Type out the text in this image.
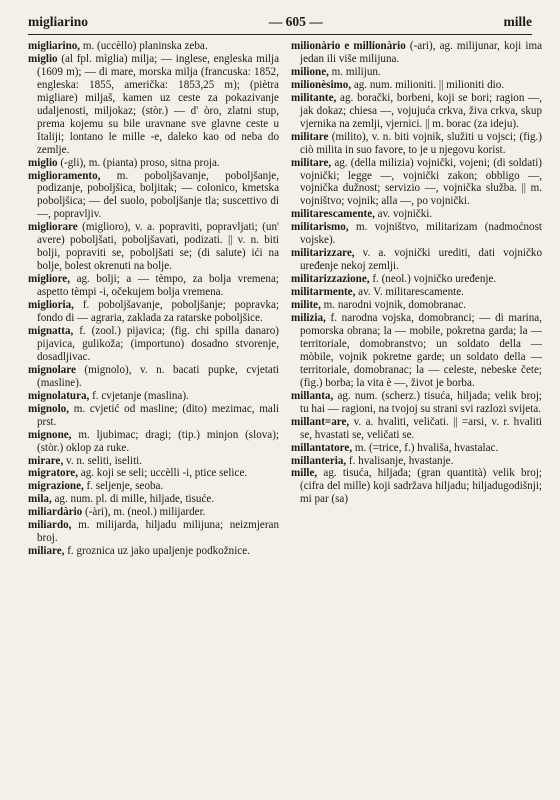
migliarino	— 605 —	mille

migliarino, m. (uccèllo) planinska zeba.

miglio (al fpl. mìglia) milja; — inglese, engleska milja (1609 m); — di mare, morska milja (francuska: 1852, engleska: 1855, američka: 1853,25 m); (piètra migliare) milјaš, kamen uz ceste za pokazivanje udaljenosti, miljokaz; (stòr.) — d' òro, zlatni stup, prema kojemu su bile uravnane sve glavne ceste u Italiji; lontano le mille -e, daleko kao od neba do zemlje.

miglio (-gli), m. (pianta) proso, sitna proja.

miglioramento, m. poboljšavanje, poboljšanje, podizanje, poboljšica, boljitak; — colonico, kmetska poboljšica; — del suolo, poboljšanje tla; suscettivo di —, popravljiv.

migliorare (miglioro), v. a. popraviti, popravljati; (un' avere) poboljšati, poboljšavati, podizati. || v. n. biti bolji, popraviti se, poboljšati se; (di salute) ići na bolje, bolest okrenuti na bolje.

migliore, ag. bolji; a — tèmpo, za bolja vremena; aspetto tèmpi -i, očekujem bolja vremena.

miglioria, f. poboljšavanje, poboljšanje; popravka; fondo di — agraria, zaklada za ratarske poboljšice.

mignatta, f. (zool.) pijavica; (fig. chi spilla danaro) pijavica, gulikoža; (importuno) dosadno stvorenje, dosadljivac.

mignolare (mignolo), v. n. bacati pupke, cvjetati (masline).

mignolatura, f. cvjetanje (maslina).

mignolo, m. cvjetić od masline; (dito) mezimac, mali prst.

mignone, m. ljubimac; dragi; (tip.) minjon (slova); (stòr.) oklop za ruke.

mirare, v. n. seliti, iseliti.

migratore, ag. koji se seli; uccèlli -i, ptice selice.

migrazione, f. seljenje, seoba.

mila, ag. num. pl. di mille, hiljade, tisuće.

miliardàrio (-àri), m. (neol.) milijarder.

miliardo, m. milijarda, hiljadu milijuna; neizmjeran broj.

miliare, f. groznica uz jako upaljenje podkožnice.

milionàrio e millionàrio (-ari), ag. milijunar, koji ima jedan ili više milijuna.

milione, m. milijun.

milionèsimo, ag. num. milioniti. || milioniti dio.

militante, ag. borački, borbeni, koji se bori; ragion —, jak dokaz; chiesa —, vojujuća crkva, živa crkva, skup vjernika na zemlji, vjernici. || m. borac (za ideju).

militare (milito), v. n. biti vojnik, služiti u vojsci; (fig.) ciò milita in suo favore, to je u njegovu korist.

militare, ag. (della milizia) vojnički, vojeni; (di soldati) vojnički; legge —, vojnički zakon; obbligo —, vojnička dužnost; servizio —, vojnička služba. || m. vojništvo; vojnik; alla —, po vojnički.

militarescamente, av. vojnički.

militarismo, m. vojništvo, militarizam (nadmoćnost vojske).

militarizzare, v. a. vojnički urediti, dati vojničko uređenje nekoj zemlji.

militarizzazione, f. (neol.) vojničko uređenje.

militarmente, av. V. militarescamente.

milite, m. narodni vojnik, domobranac.

milizia, f. narodna vojska, domobranci; — di marina, pomorska obrana; la — mobile, pokretna garda; la — territoriale, domobranstvo; un soldato della — mòbile, vojnik pokretne garde; un soldato della — territoriale, domobranac; la — celeste, nebeske čete; (fig.) borba; la vita è —, život je borba.

millanta, ag. num. (scherz.) tisuća, hiljada; velik broj; tu hai — ragioni, na tvojoj su strani svi razlozi svijeta.

millant=are, v. a. hvaliti, veličati. || =arsi, v. r. hvaliti se, hvastati se, veličati se.

millantatore, m. (=trice, f.) hvališa, hvastalac.

millanteria, f. hvalisanje, hvastanje.

mille, ag. tisuća, hiljada; (gran quantità) velik broj; (cifra del mille) koji sadržava hiljadu; hiljadugodišnji; mi par (sa)
